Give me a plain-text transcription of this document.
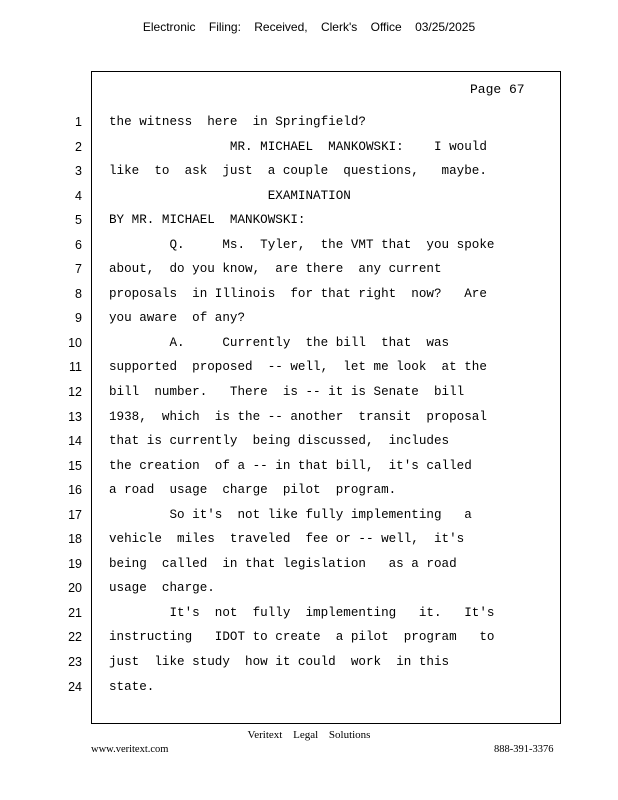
Electronic Filing: Received, Clerk's Office 03/25/2025
Page 67
1
2
3
4
5
6
7
8
9
10
11
12
13
14
15
16
17
18
19
20
21
22
23
24
the witness  here  in Springfield?
MR. MICHAEL  MANKOWSKI:    I would
like  to  ask  just  a couple  questions,   maybe.
EXAMINATION
BY MR. MICHAEL  MANKOWSKI:
Q.     Ms.  Tyler,  the VMT that  you spoke
about,  do you know,  are there  any current
proposals  in Illinois  for that right  now?   Are
you aware  of any?
A.     Currently  the bill  that  was
supported  proposed  -- well,  let me look  at the
bill  number.   There  is -- it is Senate  bill
1938,  which  is the -- another  transit  proposal
that is currently  being discussed,  includes
the creation  of a -- in that bill,  it's called
a road  usage  charge  pilot  program.
So it's  not like fully implementing   a
vehicle  miles  traveled  fee or -- well,  it's
being  called  in that legislation   as a road
usage  charge.
It's  not  fully  implementing   it.   It's
instructing   IDOT to create  a pilot  program   to
just  like study  how it could  work  in this
state.
Veritext Legal Solutions
www.veritext.com	888-391-3376
